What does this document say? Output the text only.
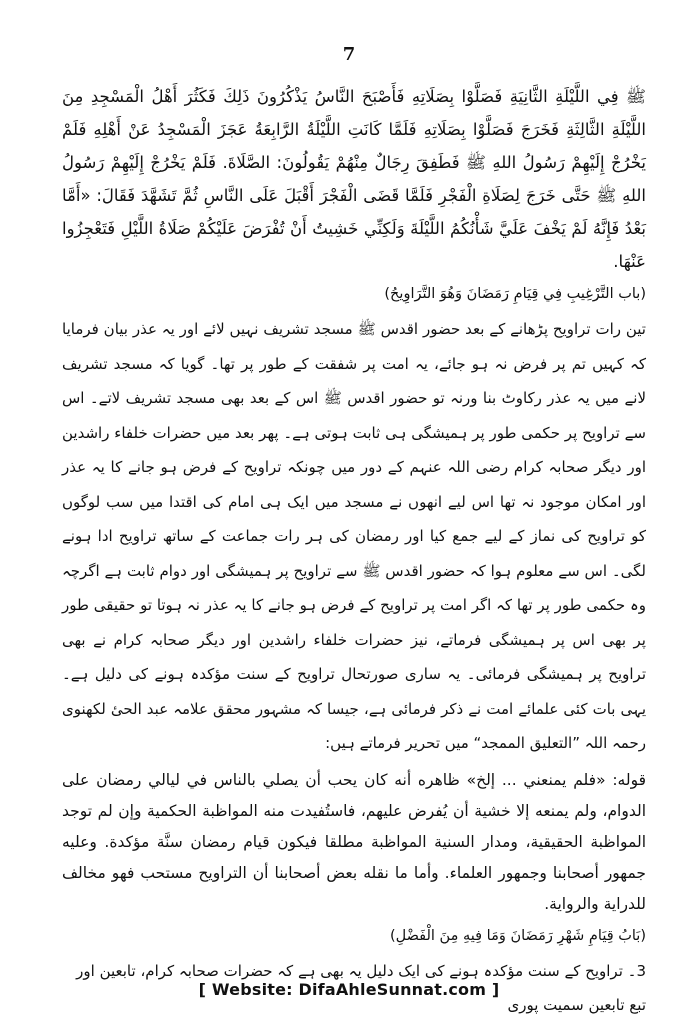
7

ﷺ فِي اللَّيْلَةِ الثَّانِيَةِ فَصَلَّوْا بِصَلَاتِهِ فَأَصْبَحَ النَّاسُ يَذْكُرُونَ ذَلِكَ فَكَثُرَ أَهْلُ الْمَسْجِدِ مِنَ اللَّيْلَةِ الثَّالِثَةِ فَخَرَجَ فَصَلَّوْا بِصَلَاتِهِ فَلَمَّا كَانَتِ اللَّيْلَةُ الرَّابِعَةُ عَجَزَ الْمَسْجِدُ عَنْ أَهْلِهِ فَلَمْ يَخْرُجْ إِلَيْهِمْ رَسُولُ اللهِ ﷺ فَطَفِقَ رِجَالٌ مِنْهُمْ يَقُولُونَ: الصَّلَاةَ. فَلَمْ يَخْرُجْ إِلَيْهِمْ رَسُولُ اللهِ ﷺ حَتَّى خَرَجَ لِصَلَاةِ الْفَجْرِ فَلَمَّا قَضَى الْفَجْرَ أَقْبَلَ عَلَى النَّاسِ ثُمَّ تَشَهَّدَ فَقَالَ: «أَمَّا بَعْدُ فَإِنَّهُ لَمْ يَخْفَ عَلَيَّ شَأْنُكُمُ اللَّيْلَةَ وَلَكِنِّي خَشِيتُ أَنْ تُفْرَضَ عَلَيْكُمْ صَلَاةُ اللَّيْلِ فَتَعْجِزُوا عَنْهَا.

(باب التَّرْغِيبِ فِي قِيَامِ رَمَضَانَ وَهُوَ التَّرَاوِيحُ)

تین رات تراویح پڑھانے کے بعد حضور اقدس ﷺ مسجد تشریف نہیں لائے اور یہ عذر بیان فرمایا کہ کہیں تم پر فرض نہ ہو جائے، یہ امت پر شفقت کے طور پر تھا۔ گویا کہ مسجد تشریف لانے میں یہ عذر رکاوٹ بنا ورنہ تو حضور اقدس ﷺ اس کے بعد بھی مسجد تشریف لاتے۔ اس سے تراویح پر حکمی طور پر ہمیشگی ہی ثابت ہوتی ہے۔ پھر بعد میں حضرات خلفاء راشدین اور دیگر صحابہ کرام رضی اللہ عنہم کے دور میں چونکہ تراویح کے فرض ہو جانے کا یہ عذر اور امکان موجود نہ تھا اس لیے انھوں نے مسجد میں ایک ہی امام کی اقتدا میں سب لوگوں کو تراویح کی نماز کے لیے جمع کیا اور رمضان کی ہر رات جماعت کے ساتھ تراویح ادا ہونے لگی۔ اس سے معلوم ہوا کہ حضور اقدس ﷺ سے تراویح پر ہمیشگی اور دوام ثابت ہے اگرچہ وہ حکمی طور پر تھا کہ اگر امت پر تراویح کے فرض ہو جانے کا یہ عذر نہ ہوتا تو حقیقی طور پر بھی اس پر ہمیشگی فرماتے، نیز حضرات خلفاء راشدین اور دیگر صحابہ کرام نے بھی تراویح پر ہمیشگی فرمائی۔ یہ ساری صورتحال تراویح کے سنت مؤکدہ ہونے کی دلیل ہے۔ یہی بات کئی علمائے امت نے ذکر فرمائی ہے، جیسا کہ مشہور محقق علامہ عبد الحیٔ لکھنوی رحمہ اللہ ”التعلیق الممجد“ میں تحریر فرماتے ہیں:

قوله: «فلم يمنعني ... إلخ» ظاهره أنه كان يحب أن يصلي بالناس في ليالي رمضان على الدوام، ولم يمنعه إلا خشية أن يُفرض عليهم، فاستُفيدت منه المواظبة الحكمية وإن لم توجد المواظبة الحقيقية، ومدار السنية المواظبة مطلقا فيكون قيام رمضان سنَّة مؤكدة. وعليه جمهور أصحابنا وجمهور العلماء. وأما ما نقله بعض أصحابنا أن التراويح مستحب فهو مخالف للدراية والرواية.

(بَابُ قِيَامِ شَهْرِ رَمَضَانَ وَمَا فِيهِ مِنَ الْفَضْلِ)

3۔ تراویح کے سنت مؤکدہ ہونے کی ایک دلیل یہ بھی ہے کہ حضرات صحابہ کرام، تابعین اور تبع تابعین سمیت پوری

[ Website: DifaAhleSunnat.com ]
